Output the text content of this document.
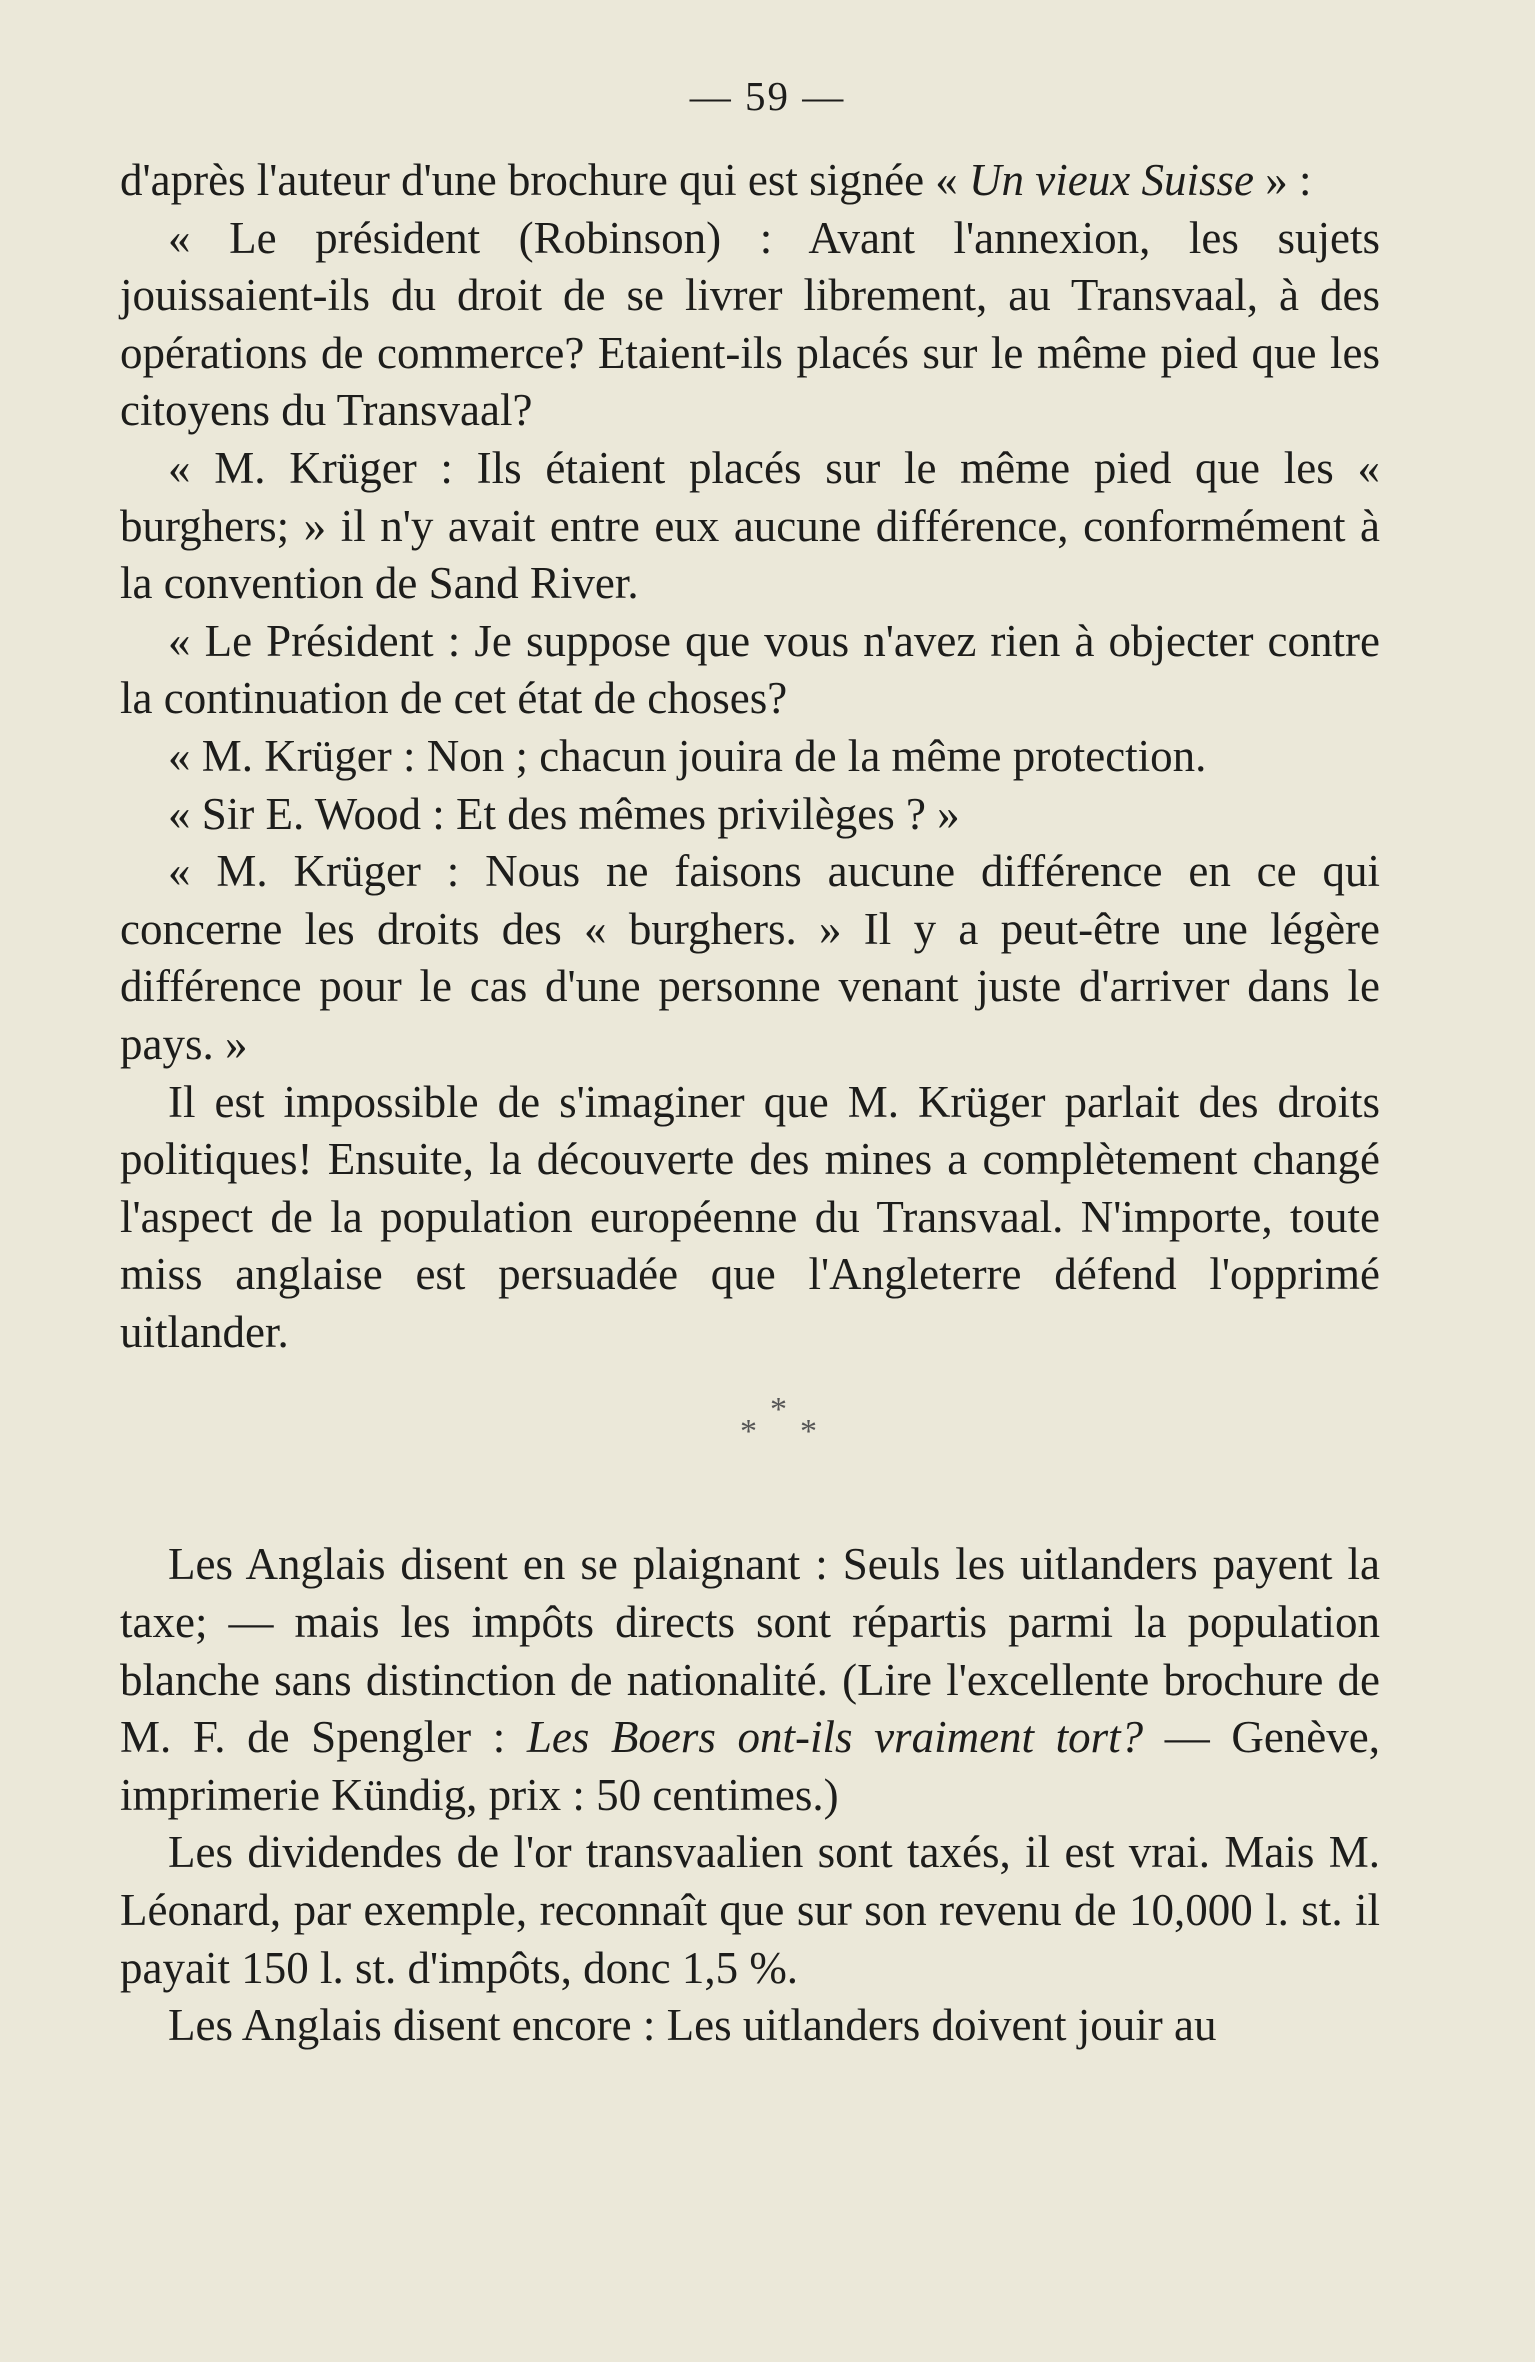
— 59 —

d'après l'auteur d'une brochure qui est signée « Un vieux Suisse » :

« Le président (Robinson) : Avant l'annexion, les sujets jouissaient-ils du droit de se livrer librement, au Transvaal, à des opérations de commerce? Etaient-ils placés sur le même pied que les citoyens du Transvaal?

« M. Krüger : Ils étaient placés sur le même pied que les « burghers; » il n'y avait entre eux aucune différence, conformément à la convention de Sand River.

« Le Président : Je suppose que vous n'avez rien à objecter contre la continuation de cet état de choses?

« M. Krüger : Non ; chacun jouira de la même protection.

« Sir E. Wood : Et des mêmes privilèges ? »

« M. Krüger : Nous ne faisons aucune différence en ce qui concerne les droits des « burghers. » Il y a peut-être une légère différence pour le cas d'une personne venant juste d'arriver dans le pays. »

Il est impossible de s'imaginer que M. Krüger parlait des droits politiques! Ensuite, la découverte des mines a complètement changé l'aspect de la population européenne du Transvaal. N'importe, toute miss anglaise est persuadée que l'Angleterre défend l'opprimé uitlander.

*
*
*

Les Anglais disent en se plaignant : Seuls les uitlanders payent la taxe; — mais les impôts directs sont répartis parmi la population blanche sans distinction de nationalité. (Lire l'excellente brochure de M. F. de Spengler : Les Boers ont-ils vraiment tort? — Genève, imprimerie Kündig, prix : 50 centimes.)

Les dividendes de l'or transvaalien sont taxés, il est vrai. Mais M. Léonard, par exemple, reconnaît que sur son revenu de 10,000 l. st. il payait 150 l. st. d'impôts, donc 1,5 %.

Les Anglais disent encore : Les uitlanders doivent jouir au
